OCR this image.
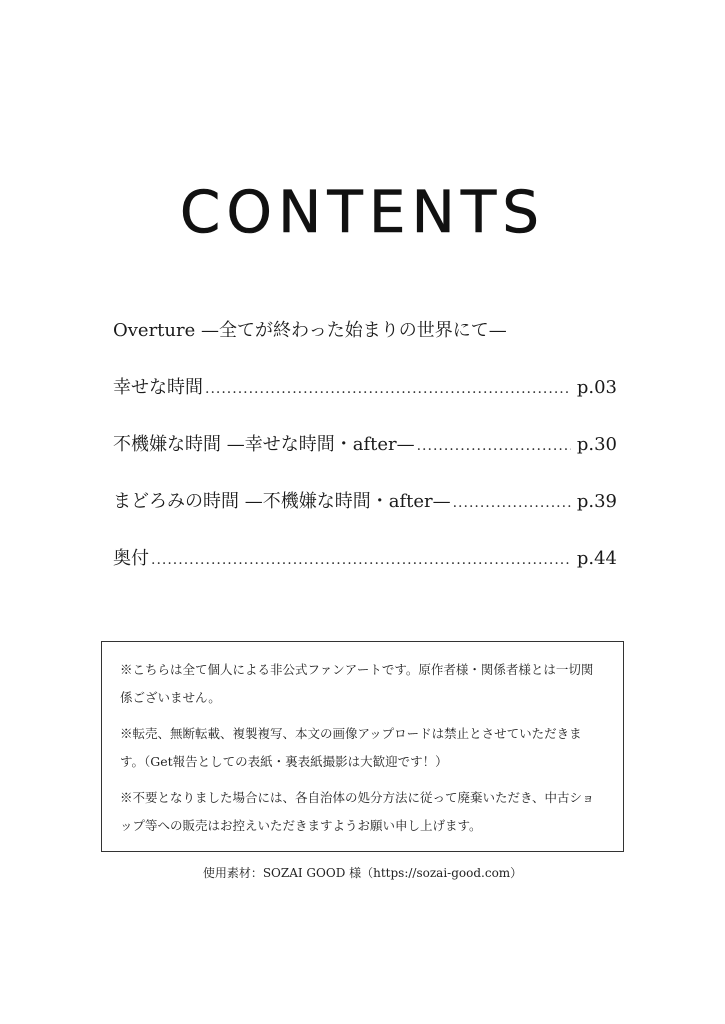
CONTENTS
Overture —全てが終わった始まりの世界にて—
幸せな時間 .....	p.03
不機嫌な時間 —幸せな時間・after— .....	p.30
まどろみの時間 —不機嫌な時間・after— .....	p.39
奥付 .....	p.44

※こちらは全て個人による非公式ファンアートです。原作者様・関係者様とは一切関係ございません。

※転売、無断転載、複製複写、本文の画像アップロードは禁止とさせていただきます。（Get報告としての表紙・裏表紙撮影は大歓迎です！）

※不要となりました場合には、各自治体の処分方法に従って廃棄いただき、中古ショップ等への販売はお控えいただきますようお願い申し上げます。

使用素材：SOZAI GOOD 様（https://sozai-good.com）
